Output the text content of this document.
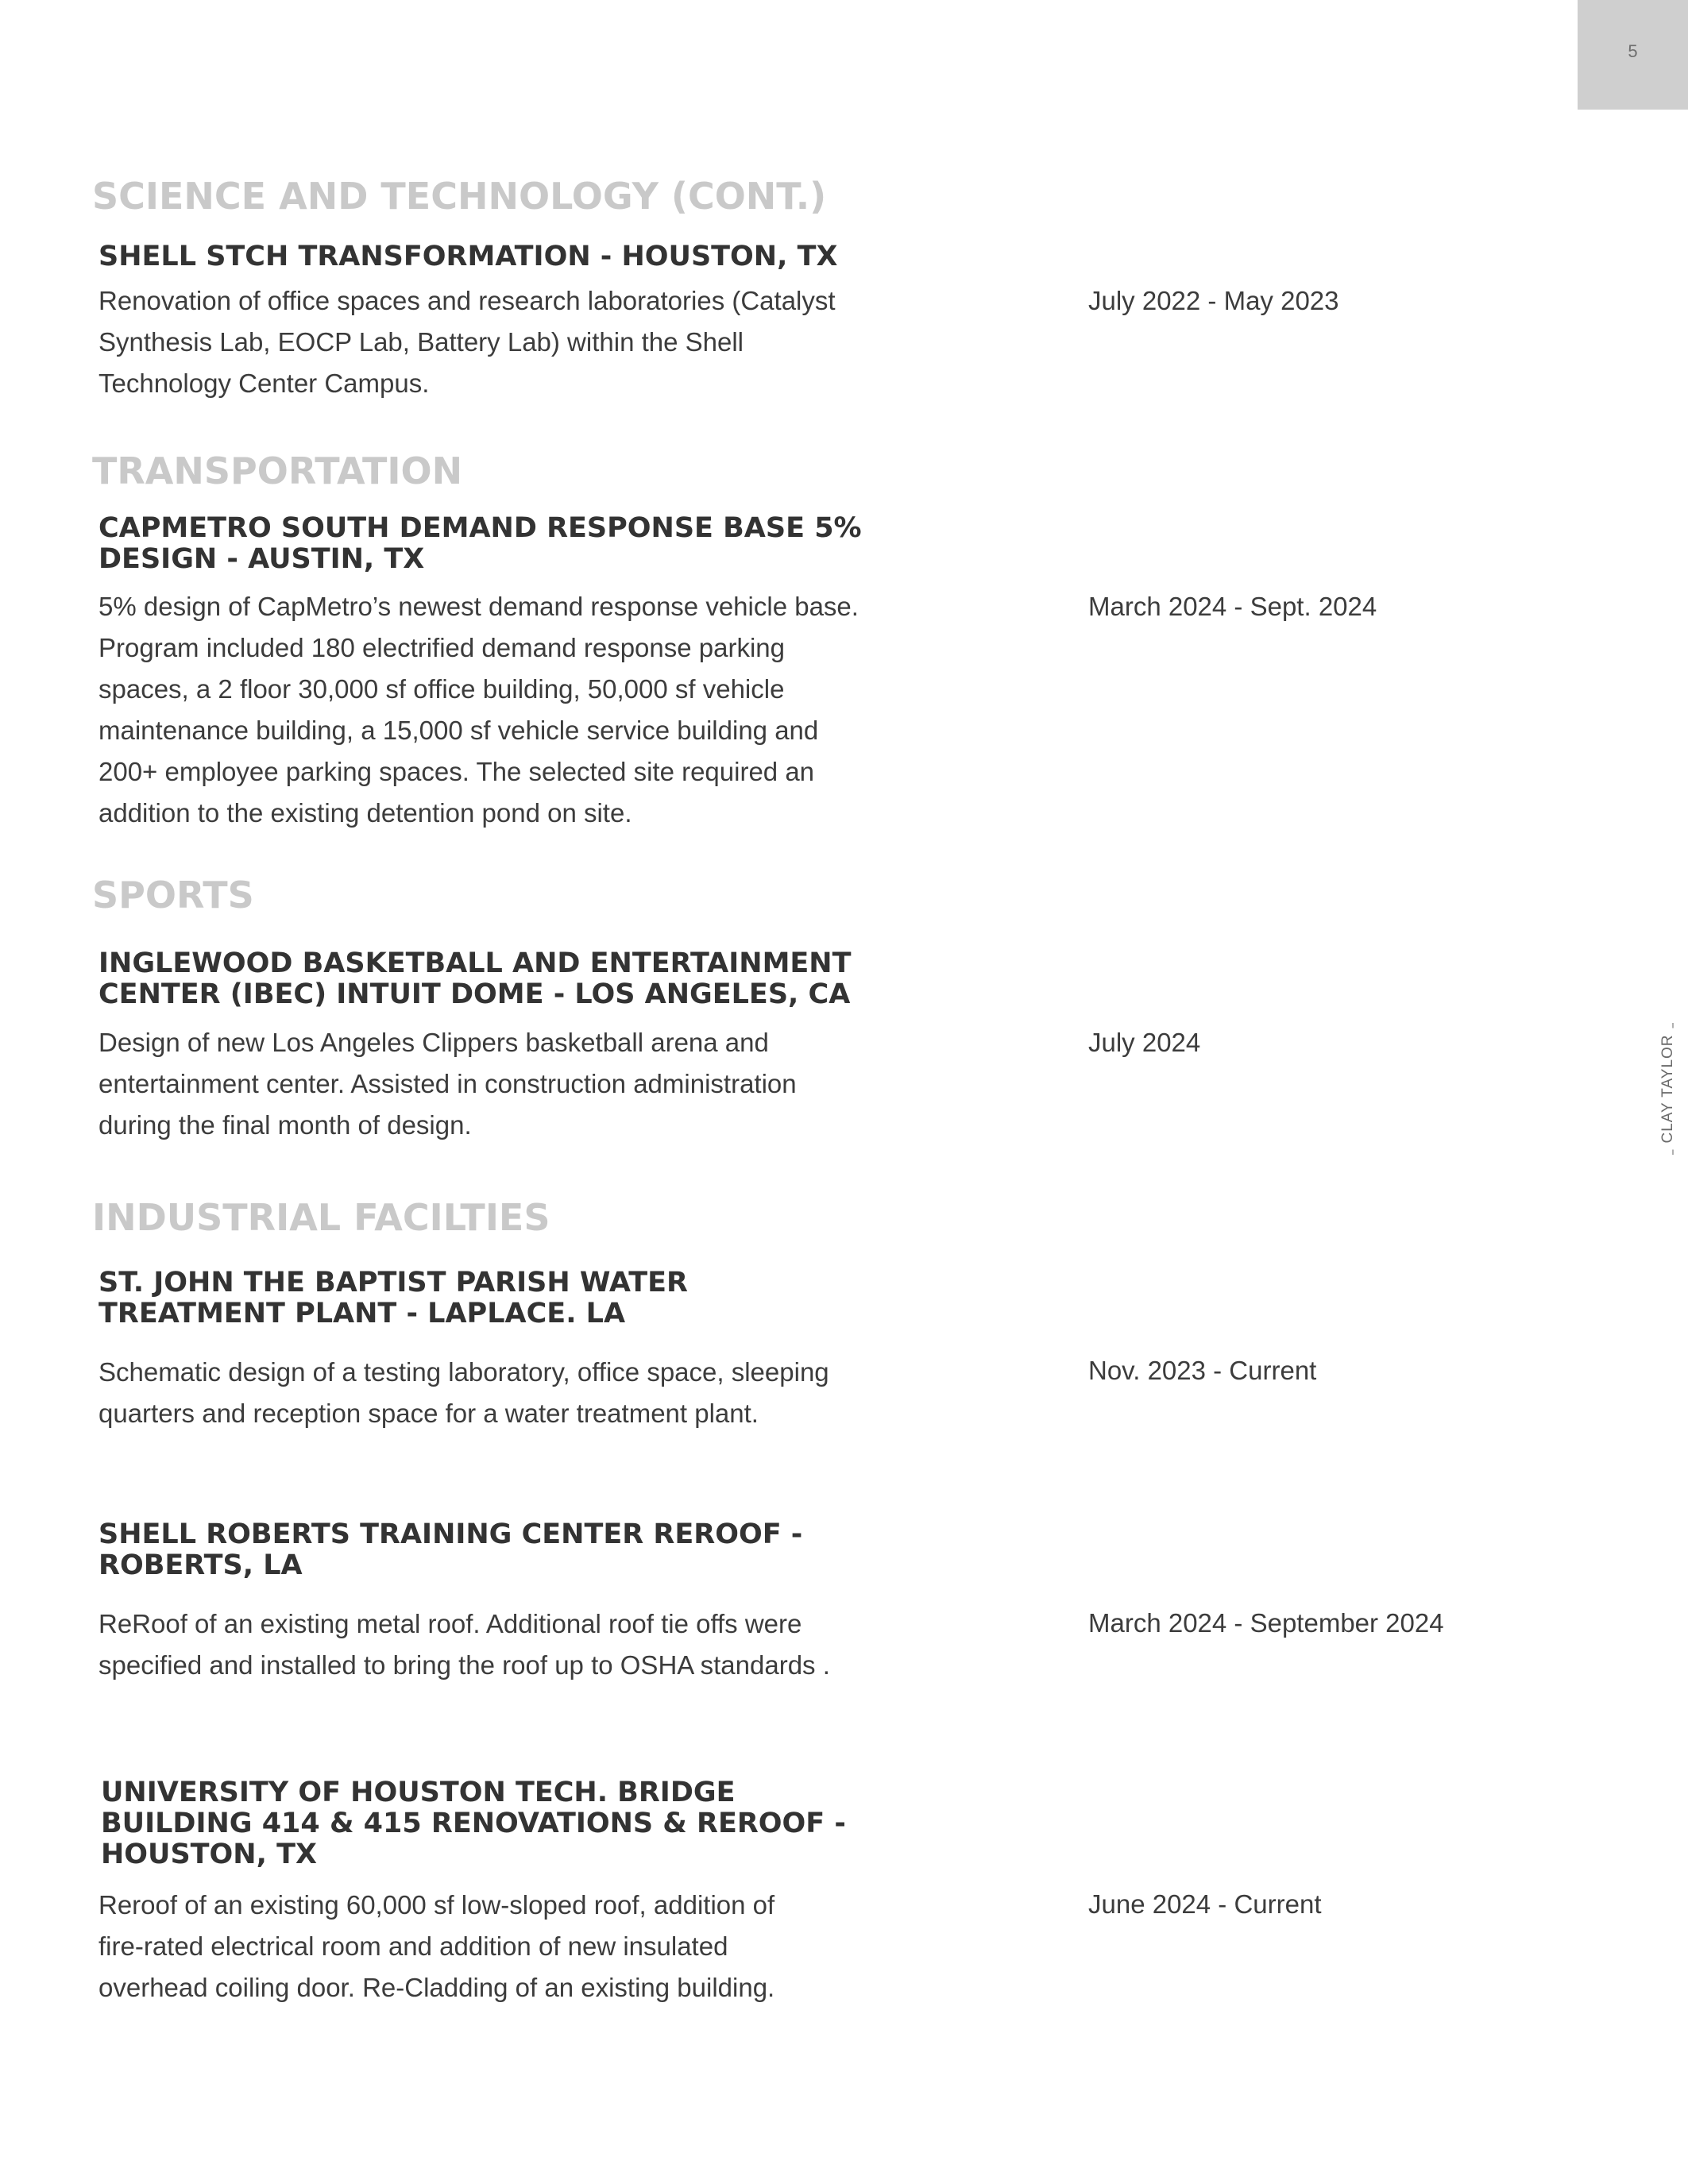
5
CLAY TAYLOR
SCIENCE AND TECHNOLOGY (CONT.)
SHELL STCH TRANSFORMATION - HOUSTON, TX

Renovation of office spaces and research laboratories (Catalyst Synthesis Lab, EOCP Lab, Battery Lab) within the Shell Technology Center Campus.

July 2022 - May 2023

TRANSPORTATION
CAPMETRO SOUTH DEMAND RESPONSE BASE 5% DESIGN - AUSTIN, TX

5% design of CapMetro’s newest demand response vehicle base. Program included 180 electrified demand response parking spaces, a 2 floor 30,000 sf office building, 50,000 sf vehicle maintenance building, a 15,000 sf vehicle service building and 200+ employee parking spaces. The selected site required an addition to the existing detention pond on site.

March 2024 - Sept. 2024

SPORTS
INGLEWOOD BASKETBALL AND ENTERTAINMENT CENTER (IBEC) INTUIT DOME - LOS ANGELES, CA

Design of new Los Angeles Clippers basketball arena and entertainment center. Assisted in construction administration during the final month of design.

July 2024

INDUSTRIAL FACILTIES
ST. JOHN THE BAPTIST PARISH WATER TREATMENT PLANT - LAPLACE. LA

Schematic design of a testing laboratory, office space, sleeping quarters and reception space for a water treatment plant.

Nov. 2023 - Current

SHELL ROBERTS TRAINING CENTER REROOF - ROBERTS, LA

ReRoof of an existing metal roof. Additional roof tie offs were specified and installed to bring the roof up to OSHA standards .

March 2024 - September 2024

UNIVERSITY OF HOUSTON TECH. BRIDGE BUILDING 414 & 415 RENOVATIONS & REROOF - HOUSTON, TX

Reroof of an existing 60,000 sf low-sloped roof, addition of fire-rated electrical room and addition of new insulated overhead coiling door. Re-Cladding of an existing building.

June 2024 - Current
